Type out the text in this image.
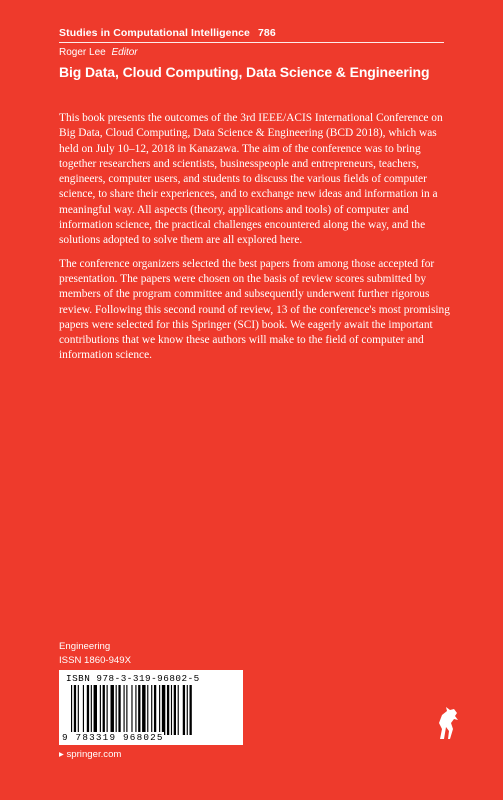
Studies in Computational Intelligence 786
Roger Lee Editor
Big Data, Cloud Computing, Data Science & Engineering

This book presents the outcomes of the 3rd IEEE/ACIS International Conference on Big Data, Cloud Computing, Data Science & Engineering (BCD 2018), which was held on July 10–12, 2018 in Kanazawa. The aim of the conference was to bring together researchers and scientists, businesspeople and entrepreneurs, teachers, engineers, computer users, and students to discuss the various fields of computer science, to share their experiences, and to exchange new ideas and information in a meaningful way. All aspects (theory, applications and tools) of computer and information science, the practical challenges encountered along the way, and the solutions adopted to solve them are all explored here.

The conference organizers selected the best papers from among those accepted for presentation. The papers were chosen on the basis of review scores submitted by members of the program committee and subsequently underwent further rigorous review. Following this second round of review, 13 of the conference's most promising papers were selected for this Springer (SCI) book. We eagerly await the important contributions that we know these authors will make to the field of computer and information science.

Engineering
ISSN 1860-949X
ISBN 978-3-319-96802-5
9 783319 968025
▸ springer.com
